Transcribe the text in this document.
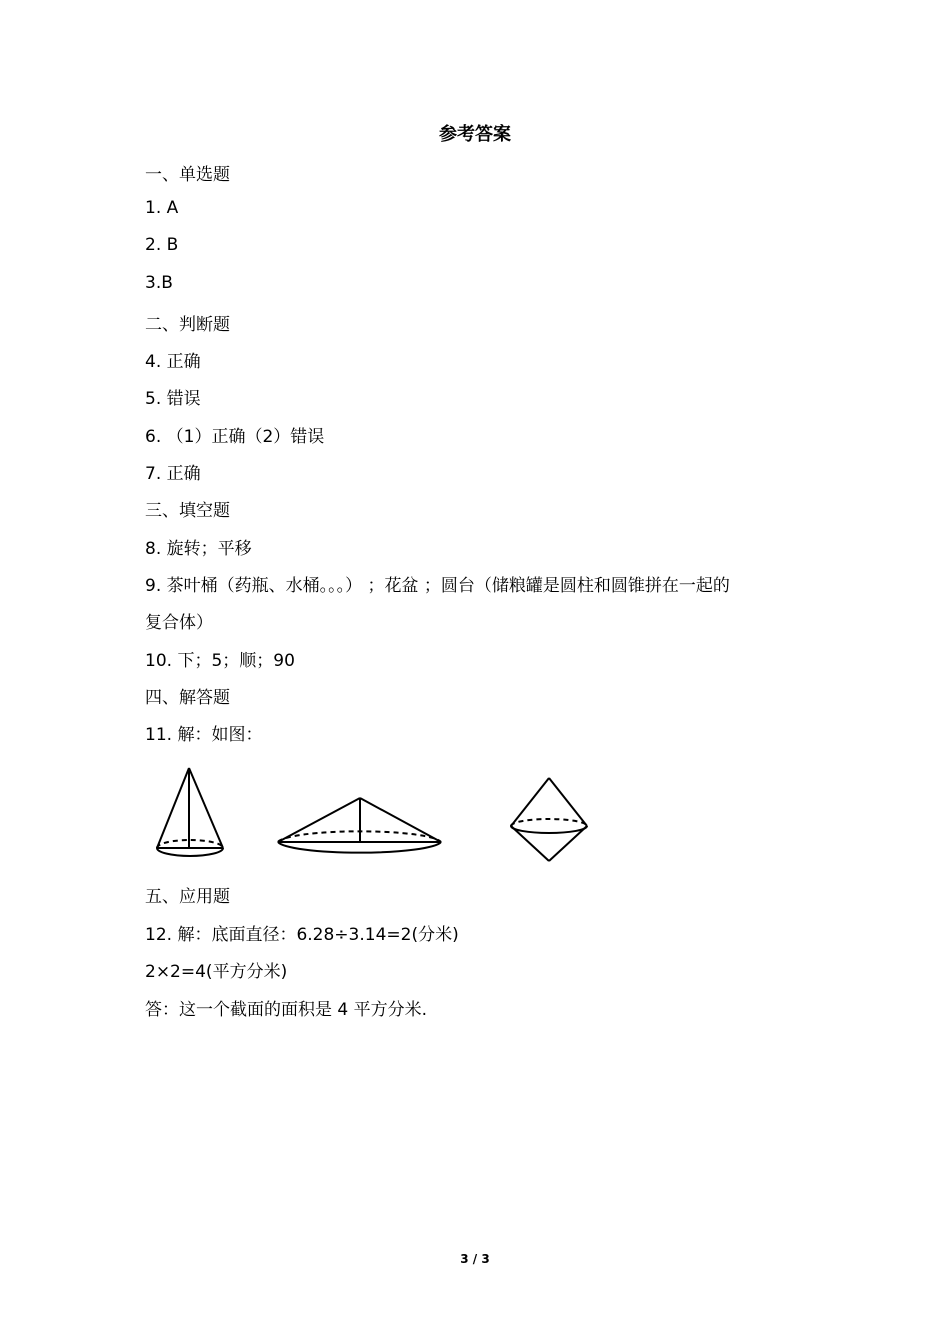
参考答案
一、单选题
1. A
2. B
3.B
二、判断题
4. 正确
5. 错误
6. （1）正确（2）错误
7. 正确
三、填空题
8. 旋转；平移
9. 茶叶桶（药瓶、水桶。。。） ；花盆 ；圆台（储粮罐是圆柱和圆锥拼在一起的
复合体）
10. 下；5；顺；90
四、解答题
11. 解：如图：
五、应用题
12. 解：底面直径：6.28÷3.14=2(分米)
2×2=4(平方分米)
答：这一个截面的面积是 4 平方分米.
3 / 3
